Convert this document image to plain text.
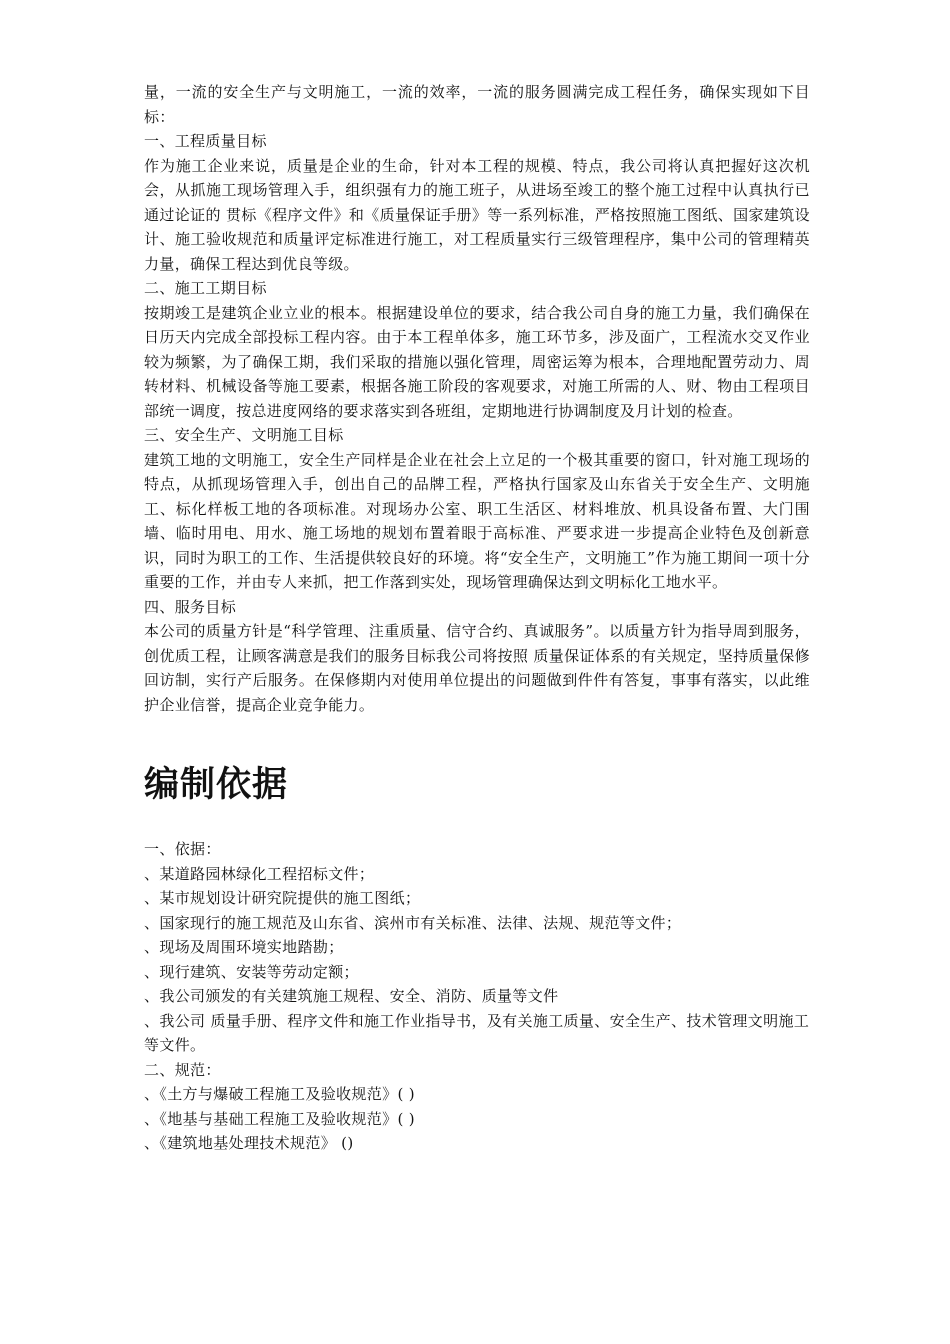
量，一流的安全生产与文明施工，一流的效率，一流的服务圆满完成工程任务，确保实现如下目标：

一、工程质量目标

作为施工企业来说，质量是企业的生命，针对本工程的规模、特点，我公司将认真把握好这次机会，从抓施工现场管理入手，组织强有力的施工班子，从进场至竣工的整个施工过程中认真执行已通过论证的 贯标《程序文件》和《质量保证手册》等一系列标准，严格按照施工图纸、国家建筑设计、施工验收规范和质量评定标准进行施工，对工程质量实行三级管理程序，集中公司的管理精英力量，确保工程达到优良等级。

二、施工工期目标

按期竣工是建筑企业立业的根本。根据建设单位的要求，结合我公司自身的施工力量，我们确保在 日历天内完成全部投标工程内容。由于本工程单体多，施工环节多，涉及面广，工程流水交叉作业较为频繁，为了确保工期，我们采取的措施以强化管理，周密运筹为根本，合理地配置劳动力、周转材料、机械设备等施工要素，根据各施工阶段的客观要求，对施工所需的人、财、物由工程项目部统一调度，按总进度网络的要求落实到各班组，定期地进行协调制度及月计划的检查。

三、安全生产、文明施工目标

建筑工地的文明施工，安全生产同样是企业在社会上立足的一个极其重要的窗口，针对施工现场的特点，从抓现场管理入手，创出自己的品牌工程，严格执行国家及山东省关于安全生产、文明施工、标化样板工地的各项标准。对现场办公室、职工生活区、材料堆放、机具设备布置、大门围墙、临时用电、用水、施工场地的规划布置着眼于高标准、严要求进一步提高企业特色及创新意识，同时为职工的工作、生活提供较良好的环境。将“安全生产，文明施工”作为施工期间一项十分重要的工作，并由专人来抓，把工作落到实处，现场管理确保达到文明标化工地水平。

四、服务目标

本公司的质量方针是“科学管理、注重质量、信守合约、真诚服务”。以质量方针为指导周到服务，创优质工程，让顾客满意是我们的服务目标我公司将按照 质量保证体系的有关规定，坚持质量保修回访制，实行产后服务。在保修期内对使用单位提出的问题做到件件有答复，事事有落实，以此维护企业信誉，提高企业竞争能力。

编制依据

一、依据：

、某道路园林绿化工程招标文件；

、某市规划设计研究院提供的施工图纸；

、国家现行的施工规范及山东省、滨州市有关标准、法律、法规、规范等文件；

、现场及周围环境实地踏勘；

、现行建筑、安装等劳动定额；

、我公司颁发的有关建筑施工规程、安全、消防、质量等文件

、我公司 质量手册、程序文件和施工作业指导书，及有关施工质量、安全生产、技术管理文明施工等文件。

二、规范：

、《土方与爆破工程施工及验收规范》( )

、《地基与基础工程施工及验收规范》( )

、《建筑地基处理技术规范》 ()
